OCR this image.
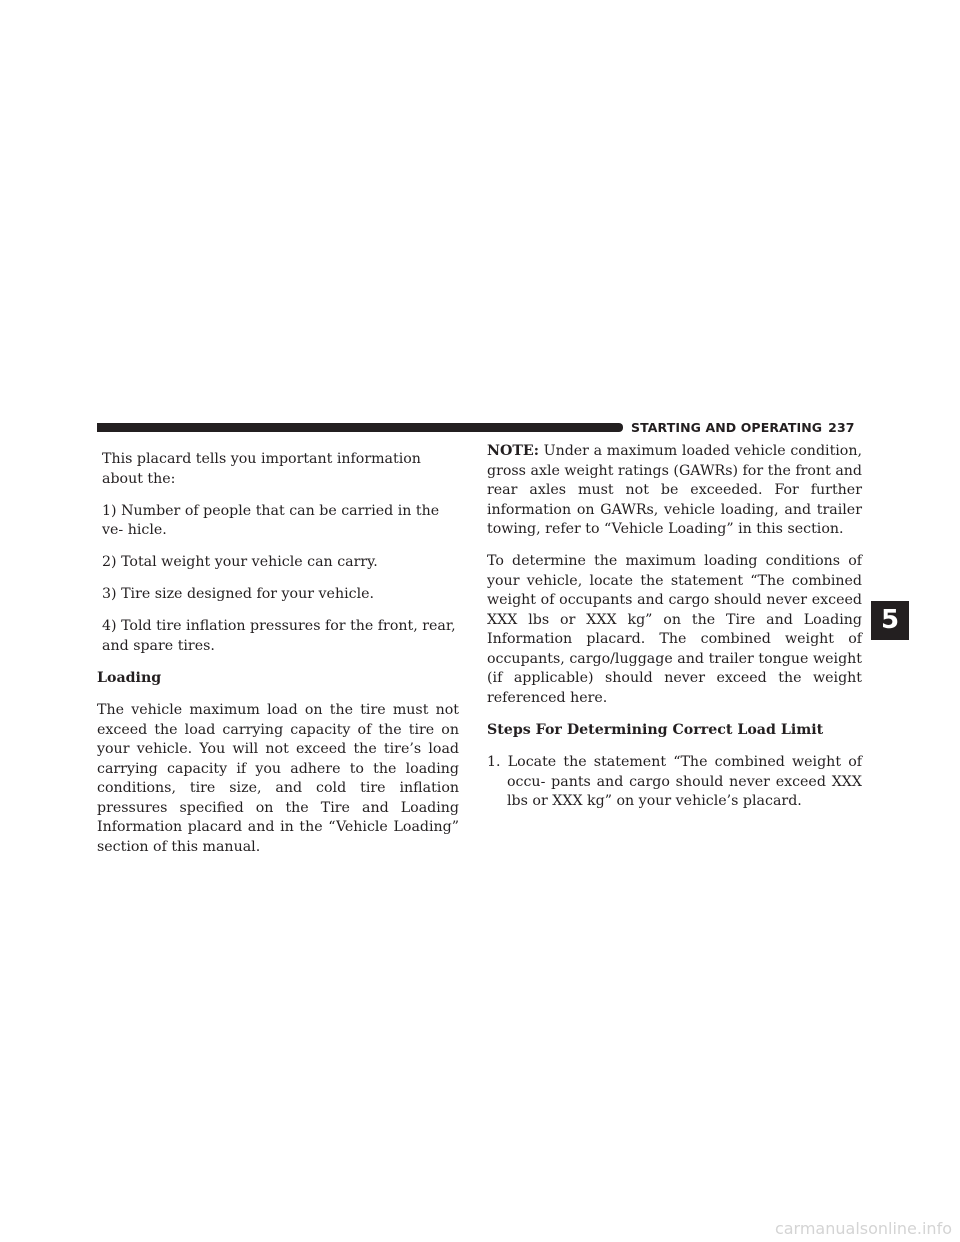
STARTING AND OPERATING 237

This placard tells you important information about the:

1) Number of people that can be carried in the ve- hicle.

2) Total weight your vehicle can carry.

3) Tire size designed for your vehicle.

4) Told tire inflation pressures for the front, rear, and spare tires.

Loading

The vehicle maximum load on the tire must not exceed the load carrying capacity of the tire on your vehicle. You will not exceed the tire’s load carrying capacity if you adhere to the loading conditions, tire size, and cold tire inflation pressures specified on the Tire and Loading Information placard and in the “Vehicle Loading” section of this manual.

NOTE: Under a maximum loaded vehicle condition, gross axle weight ratings (GAWRs) for the front and rear axles must not be exceeded. For further information on GAWRs, vehicle loading, and trailer towing, refer to “Vehicle Loading” in this section.

To determine the maximum loading conditions of your vehicle, locate the statement “The combined weight of occupants and cargo should never exceed XXX lbs or XXX kg” on the Tire and Loading Information placard. The combined weight of occupants, cargo/luggage and trailer tongue weight (if applicable) should never exceed the weight referenced here.

Steps For Determining Correct Load Limit

1. Locate the statement “The combined weight of occu- pants and cargo should never exceed XXX lbs or XXX kg” on your vehicle’s placard.

5
carmanualsonline.info
